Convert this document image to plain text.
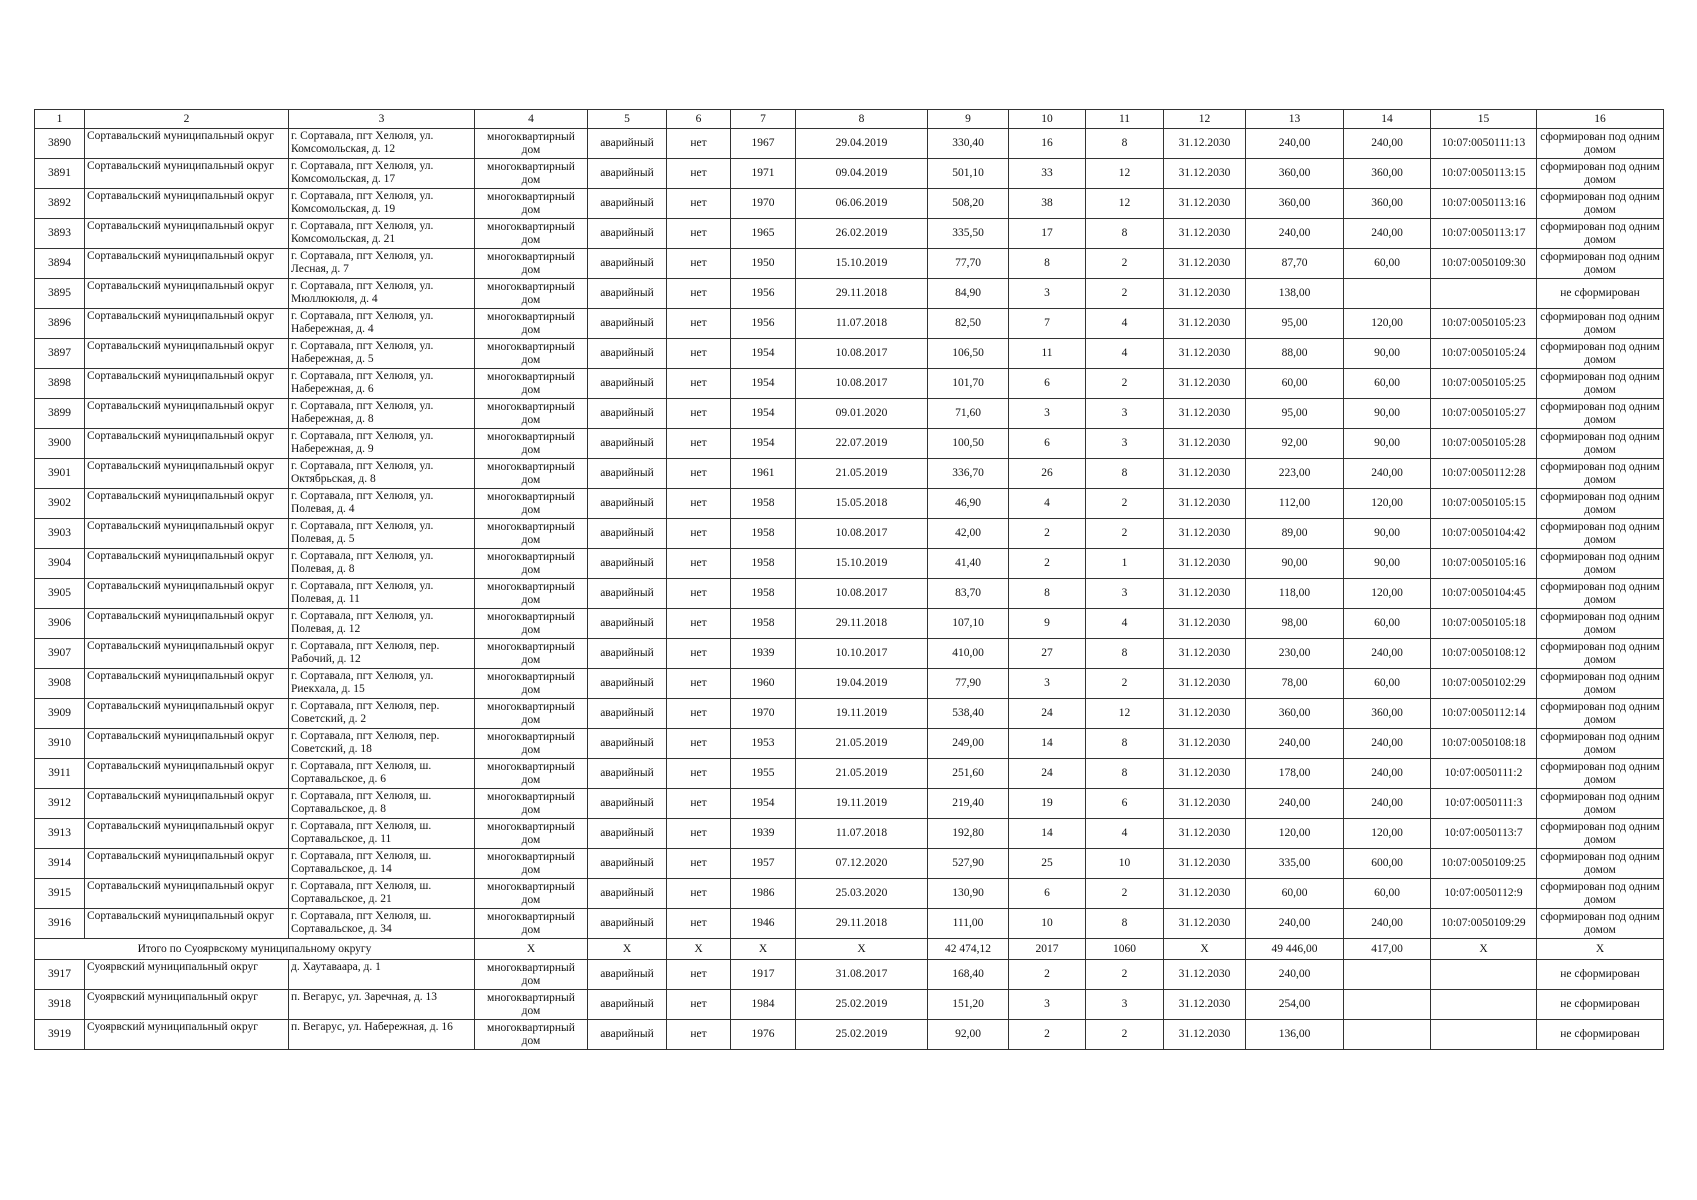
1	2	3	4	5	6	7	8	9	10	11	12	13	14	15	16
3890	Сортавальский муниципальный округ	г. Сортавала, пгт Хелюля, ул. Комсомольская, д. 12	многоквартирный дом	аварийный	нет	1967	29.04.2019	330,40	16	8	31.12.2030	240,00	240,00	10:07:0050111:13	сформирован под одним домом
3891	Сортавальский муниципальный округ	г. Сортавала, пгт Хелюля, ул. Комсомольская, д. 17	многоквартирный дом	аварийный	нет	1971	09.04.2019	501,10	33	12	31.12.2030	360,00	360,00	10:07:0050113:15	сформирован под одним домом
3892	Сортавальский муниципальный округ	г. Сортавала, пгт Хелюля, ул. Комсомольская, д. 19	многоквартирный дом	аварийный	нет	1970	06.06.2019	508,20	38	12	31.12.2030	360,00	360,00	10:07:0050113:16	сформирован под одним домом
3893	Сортавальский муниципальный округ	г. Сортавала, пгт Хелюля, ул. Комсомольская, д. 21	многоквартирный дом	аварийный	нет	1965	26.02.2019	335,50	17	8	31.12.2030	240,00	240,00	10:07:0050113:17	сформирован под одним домом
3894	Сортавальский муниципальный округ	г. Сортавала, пгт Хелюля, ул. Лесная, д. 7	многоквартирный дом	аварийный	нет	1950	15.10.2019	77,70	8	2	31.12.2030	87,70	60,00	10:07:0050109:30	сформирован под одним домом
3895	Сортавальский муниципальный округ	г. Сортавала, пгт Хелюля, ул. Мюллюкюля, д. 4	многоквартирный дом	аварийный	нет	1956	29.11.2018	84,90	3	2	31.12.2030	138,00			не сформирован
3896	Сортавальский муниципальный округ	г. Сортавала, пгт Хелюля, ул. Набережная, д. 4	многоквартирный дом	аварийный	нет	1956	11.07.2018	82,50	7	4	31.12.2030	95,00	120,00	10:07:0050105:23	сформирован под одним домом
3897	Сортавальский муниципальный округ	г. Сортавала, пгт Хелюля, ул. Набережная, д. 5	многоквартирный дом	аварийный	нет	1954	10.08.2017	106,50	11	4	31.12.2030	88,00	90,00	10:07:0050105:24	сформирован под одним домом
3898	Сортавальский муниципальный округ	г. Сортавала, пгт Хелюля, ул. Набережная, д. 6	многоквартирный дом	аварийный	нет	1954	10.08.2017	101,70	6	2	31.12.2030	60,00	60,00	10:07:0050105:25	сформирован под одним домом
3899	Сортавальский муниципальный округ	г. Сортавала, пгт Хелюля, ул. Набережная, д. 8	многоквартирный дом	аварийный	нет	1954	09.01.2020	71,60	3	3	31.12.2030	95,00	90,00	10:07:0050105:27	сформирован под одним домом
3900	Сортавальский муниципальный округ	г. Сортавала, пгт Хелюля, ул. Набережная, д. 9	многоквартирный дом	аварийный	нет	1954	22.07.2019	100,50	6	3	31.12.2030	92,00	90,00	10:07:0050105:28	сформирован под одним домом
3901	Сортавальский муниципальный округ	г. Сортавала, пгт Хелюля, ул. Октябрьская, д. 8	многоквартирный дом	аварийный	нет	1961	21.05.2019	336,70	26	8	31.12.2030	223,00	240,00	10:07:0050112:28	сформирован под одним домом
3902	Сортавальский муниципальный округ	г. Сортавала, пгт Хелюля, ул. Полевая, д. 4	многоквартирный дом	аварийный	нет	1958	15.05.2018	46,90	4	2	31.12.2030	112,00	120,00	10:07:0050105:15	сформирован под одним домом
3903	Сортавальский муниципальный округ	г. Сортавала, пгт Хелюля, ул. Полевая, д. 5	многоквартирный дом	аварийный	нет	1958	10.08.2017	42,00	2	2	31.12.2030	89,00	90,00	10:07:0050104:42	сформирован под одним домом
3904	Сортавальский муниципальный округ	г. Сортавала, пгт Хелюля, ул. Полевая, д. 8	многоквартирный дом	аварийный	нет	1958	15.10.2019	41,40	2	1	31.12.2030	90,00	90,00	10:07:0050105:16	сформирован под одним домом
3905	Сортавальский муниципальный округ	г. Сортавала, пгт Хелюля, ул. Полевая, д. 11	многоквартирный дом	аварийный	нет	1958	10.08.2017	83,70	8	3	31.12.2030	118,00	120,00	10:07:0050104:45	сформирован под одним домом
3906	Сортавальский муниципальный округ	г. Сортавала, пгт Хелюля, ул. Полевая, д. 12	многоквартирный дом	аварийный	нет	1958	29.11.2018	107,10	9	4	31.12.2030	98,00	60,00	10:07:0050105:18	сформирован под одним домом
3907	Сортавальский муниципальный округ	г. Сортавала, пгт Хелюля, пер. Рабочий, д. 12	многоквартирный дом	аварийный	нет	1939	10.10.2017	410,00	27	8	31.12.2030	230,00	240,00	10:07:0050108:12	сформирован под одним домом
3908	Сортавальский муниципальный округ	г. Сортавала, пгт Хелюля, ул. Риекхала, д. 15	многоквартирный дом	аварийный	нет	1960	19.04.2019	77,90	3	2	31.12.2030	78,00	60,00	10:07:0050102:29	сформирован под одним домом
3909	Сортавальский муниципальный округ	г. Сортавала, пгт Хелюля, пер. Советский, д. 2	многоквартирный дом	аварийный	нет	1970	19.11.2019	538,40	24	12	31.12.2030	360,00	360,00	10:07:0050112:14	сформирован под одним домом
3910	Сортавальский муниципальный округ	г. Сортавала, пгт Хелюля, пер. Советский, д. 18	многоквартирный дом	аварийный	нет	1953	21.05.2019	249,00	14	8	31.12.2030	240,00	240,00	10:07:0050108:18	сформирован под одним домом
3911	Сортавальский муниципальный округ	г. Сортавала, пгт Хелюля, ш. Сортавальское, д. 6	многоквартирный дом	аварийный	нет	1955	21.05.2019	251,60	24	8	31.12.2030	178,00	240,00	10:07:0050111:2	сформирован под одним домом
3912	Сортавальский муниципальный округ	г. Сортавала, пгт Хелюля, ш. Сортавальское, д. 8	многоквартирный дом	аварийный	нет	1954	19.11.2019	219,40	19	6	31.12.2030	240,00	240,00	10:07:0050111:3	сформирован под одним домом
3913	Сортавальский муниципальный округ	г. Сортавала, пгт Хелюля, ш. Сортавальское, д. 11	многоквартирный дом	аварийный	нет	1939	11.07.2018	192,80	14	4	31.12.2030	120,00	120,00	10:07:0050113:7	сформирован под одним домом
3914	Сортавальский муниципальный округ	г. Сортавала, пгт Хелюля, ш. Сортавальское, д. 14	многоквартирный дом	аварийный	нет	1957	07.12.2020	527,90	25	10	31.12.2030	335,00	600,00	10:07:0050109:25	сформирован под одним домом
3915	Сортавальский муниципальный округ	г. Сортавала, пгт Хелюля, ш. Сортавальское, д. 21	многоквартирный дом	аварийный	нет	1986	25.03.2020	130,90	6	2	31.12.2030	60,00	60,00	10:07:0050112:9	сформирован под одним домом
3916	Сортавальский муниципальный округ	г. Сортавала, пгт Хелюля, ш. Сортавальское, д. 34	многоквартирный дом	аварийный	нет	1946	29.11.2018	111,00	10	8	31.12.2030	240,00	240,00	10:07:0050109:29	сформирован под одним домом
Итого по Суоярвскому муниципальному округу			X	X	X	X	X	42 474,12	2017	1060	X	49 446,00	417,00	X	X
3917	Суоярвский муниципальный округ	д. Хаутаваара, д. 1	многоквартирный дом	аварийный	нет	1917	31.08.2017	168,40	2	2	31.12.2030	240,00			не сформирован
3918	Суоярвский муниципальный округ	п. Вегарус, ул. Заречная, д. 13	многоквартирный дом	аварийный	нет	1984	25.02.2019	151,20	3	3	31.12.2030	254,00			не сформирован
3919	Суоярвский муниципальный округ	п. Вегарус, ул. Набережная, д. 16	многоквартирный дом	аварийный	нет	1976	25.02.2019	92,00	2	2	31.12.2030	136,00			не сформирован
